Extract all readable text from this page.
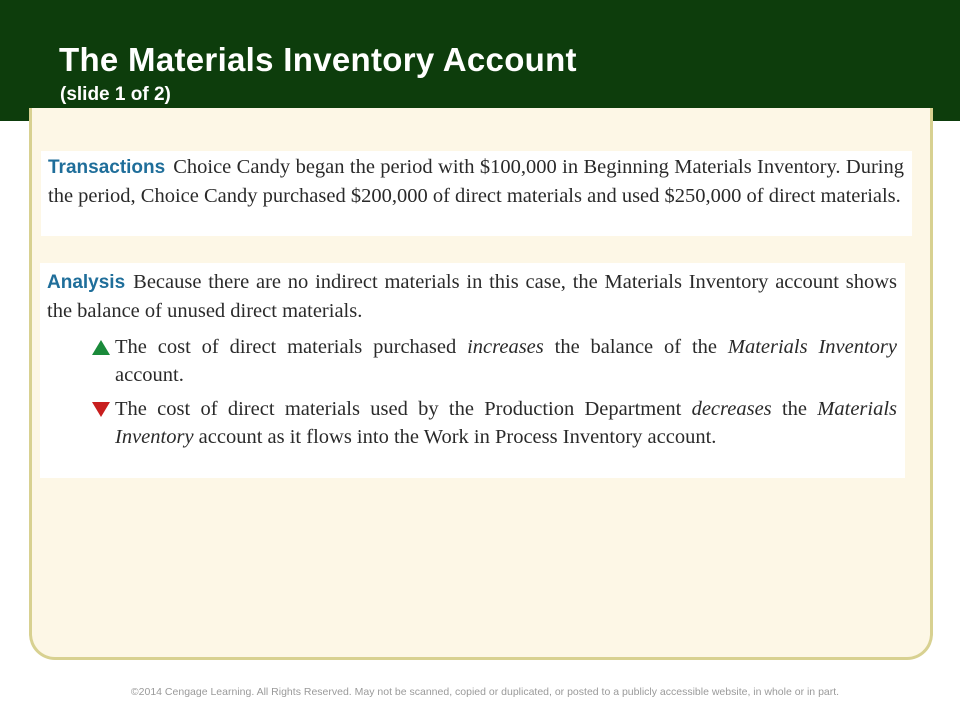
The Materials Inventory Account
(slide 1 of 2)

Transactions Choice Candy began the period with $100,000 in Beginning Materials Inventory. During the period, Choice Candy purchased $200,000 of direct materials and used $250,000 of direct materials.

Analysis Because there are no indirect materials in this case, the Materials Inventory account shows the balance of unused direct materials.

The cost of direct materials purchased increases the balance of the Materials Inventory account.
The cost of direct materials used by the Production Department decreases the Materials Inventory account as it flows into the Work in Process Inventory account.
©2014 Cengage Learning. All Rights Reserved. May not be scanned, copied or duplicated, or posted to a publicly accessible website, in whole or in part.
